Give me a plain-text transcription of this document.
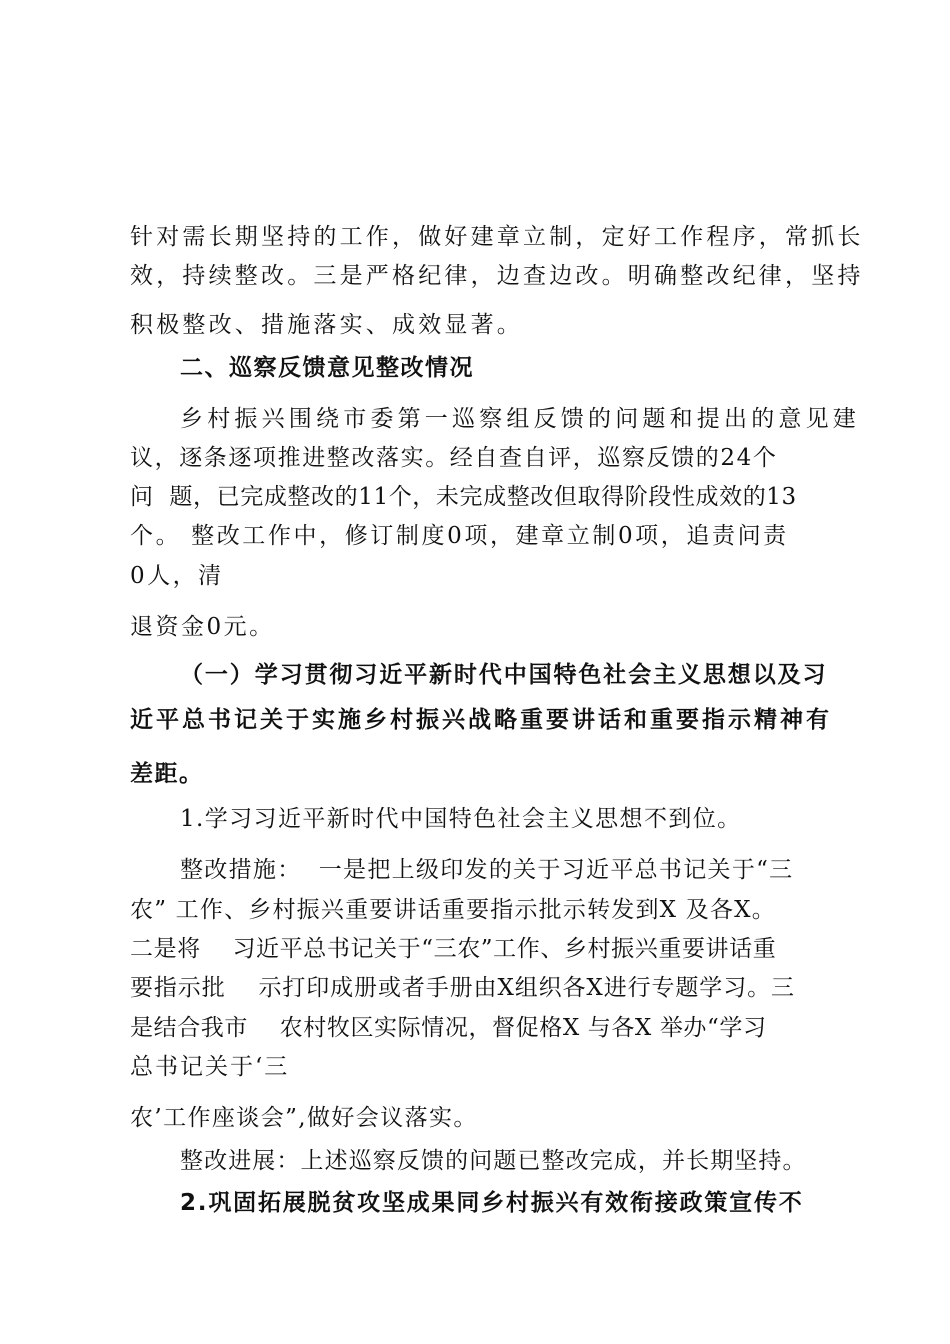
针对需长期坚持的工作，做好建章立制，定好工作程序，常抓长
效，持续整改。三是严格纪律，边查边改。明确整改纪律，坚持
积极整改、措施落实、成效显著。
二、巡察反馈意见整改情况
乡村振兴围绕市委第一巡察组反馈的问题和提出的意见建
议，逐条逐项推进整改落实。经自查自评，巡察反馈的24个
问  题，已完成整改的11个，未完成整改但取得阶段性成效的13
个。 整改工作中，修订制度0项，建章立制0项，追责问责
0人，清
退资金0元。
（一）学习贯彻习近平新时代中国特色社会主义思想以及习
近平总书记关于实施乡村振兴战略重要讲话和重要指示精神有
差距。
1.学习习近平新时代中国特色社会主义思想不到位。
整改措施：  一是把上级印发的关于习近平总书记关于“三
农” 工作、乡村振兴重要讲话重要指示批示转发到X 及各X。
二是将    习近平总书记关于“三农”工作、乡村振兴重要讲话重
要指示批    示打印成册或者手册由X组织各X进行专题学习。三
是结合我市    农村牧区实际情况，督促格X 与各X 举办“学习
总书记关于‘三
农’工作座谈会”,做好会议落实。
整改进展：上述巡察反馈的问题已整改完成，并长期坚持。
2.巩固拓展脱贫攻坚成果同乡村振兴有效衔接政策宣传不
